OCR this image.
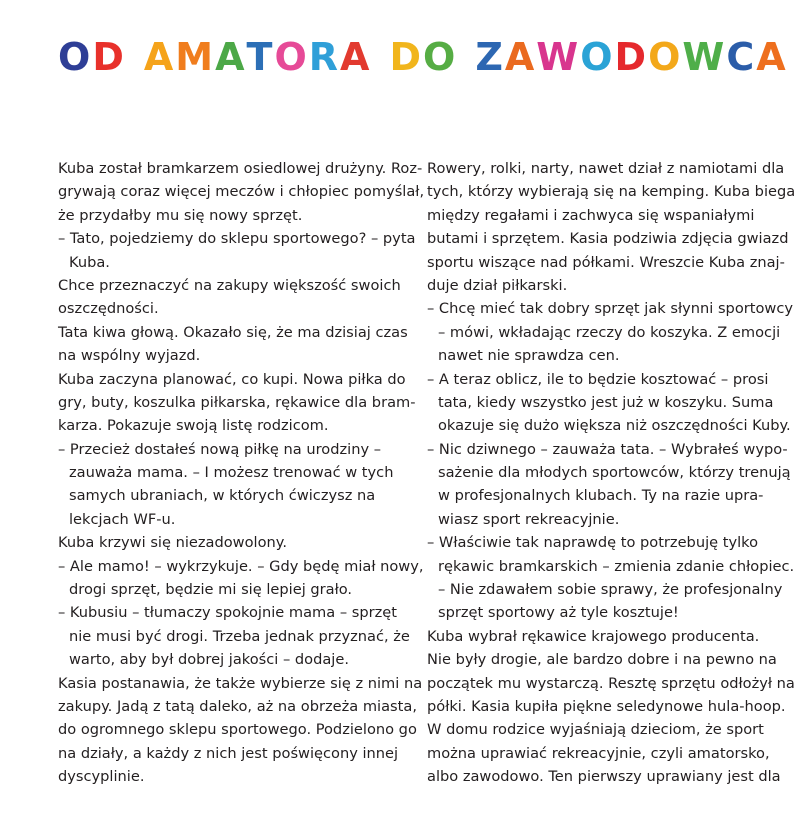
OD AMATORA DO ZAWODOWCA
Kuba został bramkarzem osiedlowej drużyny. Roz-
grywają coraz więcej meczów i chłopiec pomyślał,
że przydałby mu się nowy sprzęt.
– Tato, pojedziemy do sklepu sportowego? – pyta
Kuba.
Chce przeznaczyć na zakupy większość swoich
oszczędności.
Tata kiwa głową. Okazało się, że ma dzisiaj czas
na wspólny wyjazd.
Kuba zaczyna planować, co kupi. Nowa piłka do
gry, buty, koszulka piłkarska, rękawice dla bram-
karza. Pokazuje swoją listę rodzicom.
– Przecież dostałeś nową piłkę na urodziny –
zauważa mama. – I możesz trenować w tych
samych ubraniach, w których ćwiczysz na
lekcjach WF-u.
Kuba krzywi się niezadowolony.
– Ale mamo! – wykrzykuje. – Gdy będę miał nowy,
drogi sprzęt, będzie mi się lepiej grało.
– Kubusiu – tłumaczy spokojnie mama – sprzęt
nie musi być drogi. Trzeba jednak przyznać, że
warto, aby był dobrej jakości – dodaje.
Kasia postanawia, że także wybierze się z nimi na
zakupy. Jadą z tatą daleko, aż na obrzeża miasta,
do ogromnego sklepu sportowego. Podzielono go
na działy, a każdy z nich jest poświęcony innej
dyscyplinie.
Rowery, rolki, narty, nawet dział z namiotami dla
tych, którzy wybierają się na kemping. Kuba biega
między regałami i zachwyca się wspaniałymi
butami i sprzętem. Kasia podziwia zdjęcia gwiazd
sportu wiszące nad półkami. Wreszcie Kuba znaj-
duje dział piłkarski.
– Chcę mieć tak dobry sprzęt jak słynni sportowcy
– mówi, wkładając rzeczy do koszyka. Z emocji
nawet nie sprawdza cen.
– A teraz oblicz, ile to będzie kosztować – prosi
tata, kiedy wszystko jest już w koszyku. Suma
okazuje się dużo większa niż oszczędności Kuby.
– Nic dziwnego – zauważa tata. – Wybrałeś wypo-
sażenie dla młodych sportowców, którzy trenują
w profesjonalnych klubach. Ty na razie upra-
wiasz sport rekreacyjnie.
– Właściwie tak naprawdę to potrzebuję tylko
rękawic bramkarskich – zmienia zdanie chłopiec.
– Nie zdawałem sobie sprawy, że profesjonalny
sprzęt sportowy aż tyle kosztuje!
Kuba wybrał rękawice krajowego producenta.
Nie były drogie, ale bardzo dobre i na pewno na
początek mu wystarczą. Resztę sprzętu odłożył na
półki. Kasia kupiła piękne seledynowe hula-hoop.
W domu rodzice wyjaśniają dzieciom, że sport
można uprawiać rekreacyjnie, czyli amatorsko,
albo zawodowo. Ten pierwszy uprawiany jest dla
